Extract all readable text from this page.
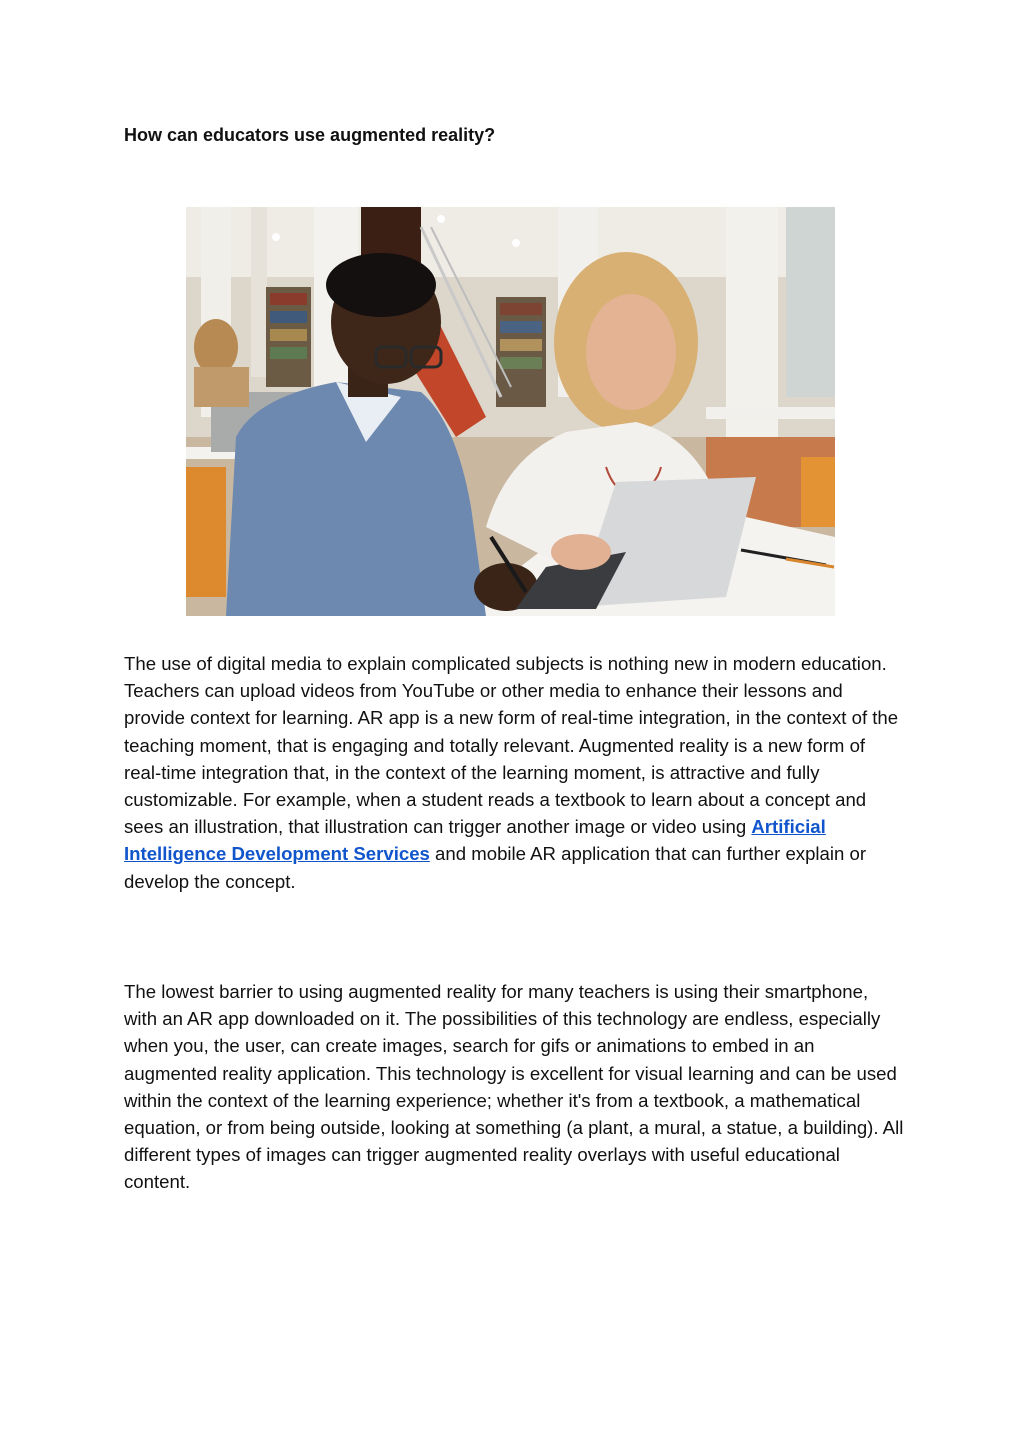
How can educators use augmented reality?

The use of digital media to explain complicated subjects is nothing new in modern education. Teachers can upload videos from YouTube or other media to enhance their lessons and provide context for learning. AR app is a new form of real-time integration, in the context of the teaching moment, that is engaging and totally relevant. Augmented reality is a new form of real-time integration that, in the context of the learning moment, is attractive and fully customizable. For example, when a student reads a textbook to learn about a concept and sees an illustration, that illustration can trigger another image or video using Artificial Intelligence Development Services and mobile AR application that can further explain or develop the concept.

The lowest barrier to using augmented reality for many teachers is using their smartphone, with an AR app downloaded on it. The possibilities of this technology are endless, especially when you, the user, can create images, search for gifs or animations to embed in an augmented reality application. This technology is excellent for visual learning and can be used within the context of the learning experience; whether it's from a textbook, a mathematical equation, or from being outside, looking at something (a plant, a mural, a statue, a building). All different types of images can trigger augmented reality overlays with useful educational content.
